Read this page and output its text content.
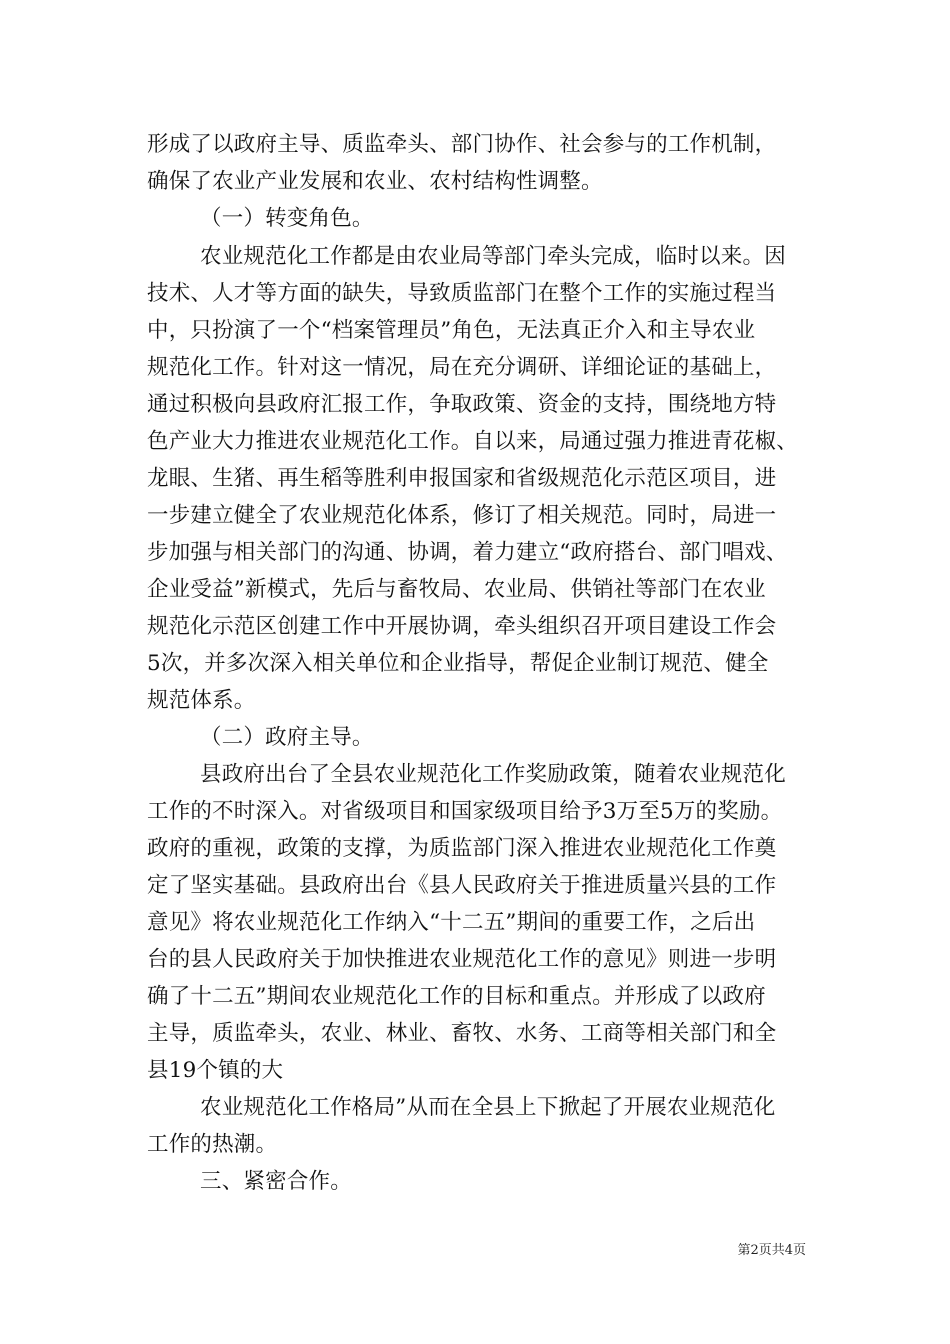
形成了以政府主导、质监牵头、部门协作、社会参与的工作机制，
确保了农业产业发展和农业、农村结构性调整。
（一）转变角色。
农业规范化工作都是由农业局等部门牵头完成，临时以来。因
技术、人才等方面的缺失，导致质监部门在整个工作的实施过程当
中，只扮演了一个“档案管理员”角色，无法真正介入和主导农业
规范化工作。针对这一情况，局在充分调研、详细论证的基础上，
通过积极向县政府汇报工作，争取政策、资金的支持，围绕地方特
色产业大力推进农业规范化工作。自以来，局通过强力推进青花椒、
龙眼、生猪、再生稻等胜利申报国家和省级规范化示范区项目，进
一步建立健全了农业规范化体系，修订了相关规范。同时，局进一
步加强与相关部门的沟通、协调，着力建立“政府搭台、部门唱戏、
企业受益”新模式，先后与畜牧局、农业局、供销社等部门在农业
规范化示范区创建工作中开展协调，牵头组织召开项目建设工作会
5次，并多次深入相关单位和企业指导，帮促企业制订规范、健全
规范体系。
（二）政府主导。
县政府出台了全县农业规范化工作奖励政策，随着农业规范化
工作的不时深入。对省级项目和国家级项目给予3万至5万的奖励。
政府的重视，政策的支撑，为质监部门深入推进农业规范化工作奠
定了坚实基础。县政府出台《县人民政府关于推进质量兴县的工作
意见》将农业规范化工作纳入“十二五”期间的重要工作，之后出
台的县人民政府关于加快推进农业规范化工作的意见》则进一步明
确了十二五”期间农业规范化工作的目标和重点。并形成了以政府
主导，质监牵头，农业、林业、畜牧、水务、工商等相关部门和全
县19个镇的大
农业规范化工作格局”从而在全县上下掀起了开展农业规范化
工作的热潮。
三、紧密合作。
第2页共4页
